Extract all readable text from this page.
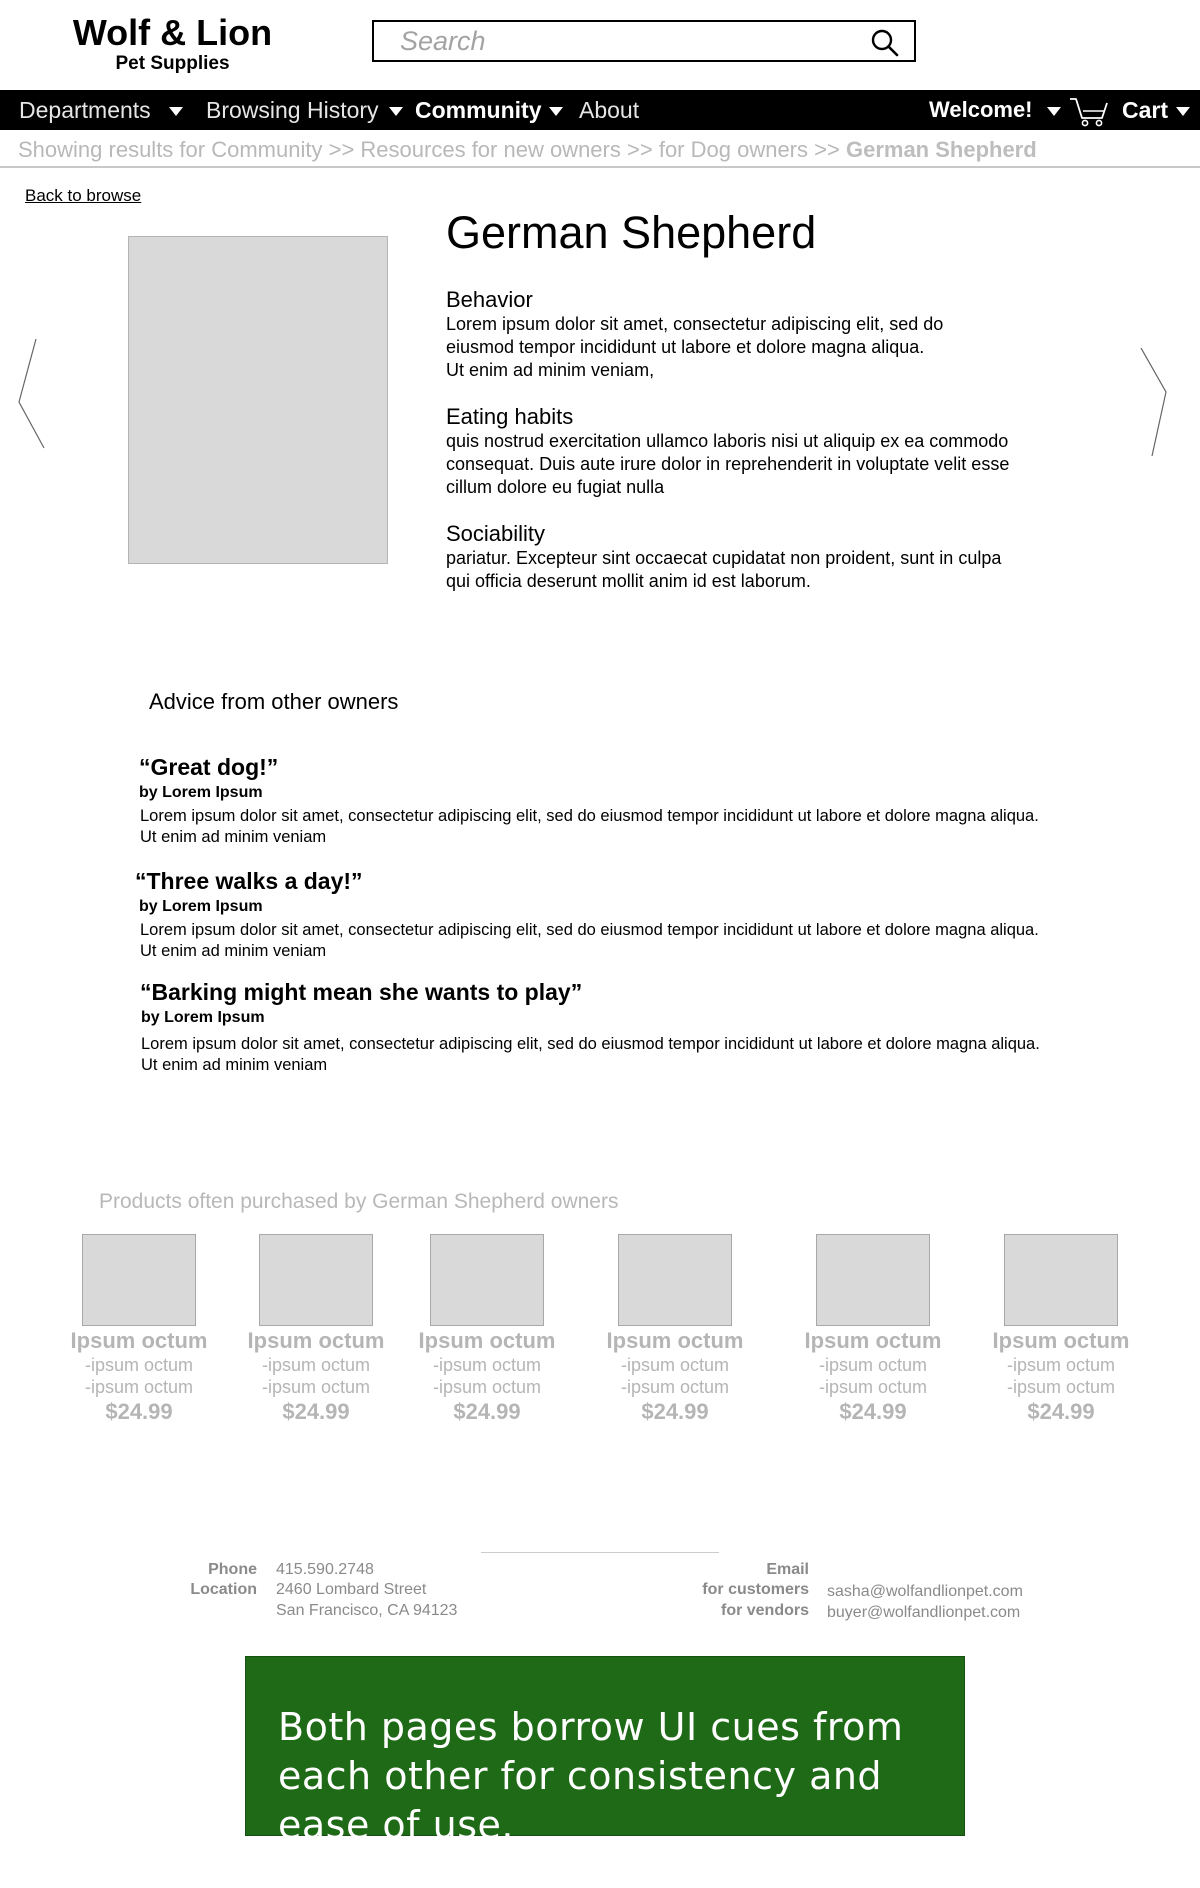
Wolf & Lion
Pet Supplies
Search
Departments	Browsing History	Community	About	Welcome!	Cart
Showing results for Community >> Resources for new owners >> for Dog owners >> German Shepherd
Back to browse
German Shepherd
Behavior
Lorem ipsum dolor sit amet, consectetur adipiscing elit, sed do
eiusmod tempor incididunt ut labore et dolore magna aliqua.
Ut enim ad minim veniam,
Eating habits
quis nostrud exercitation ullamco laboris nisi ut aliquip ex ea commodo
consequat. Duis aute irure dolor in reprehenderit in voluptate velit esse
cillum dolore eu fugiat nulla
Sociability
pariatur. Excepteur sint occaecat cupidatat non proident, sunt in culpa
qui officia deserunt mollit anim id est laborum.
Advice from other owners
“Great dog!”
by Lorem Ipsum
Lorem ipsum dolor sit amet, consectetur adipiscing elit, sed do eiusmod tempor incididunt ut labore et dolore magna aliqua.
Ut enim ad minim veniam
“Three walks a day!”
by Lorem Ipsum
Lorem ipsum dolor sit amet, consectetur adipiscing elit, sed do eiusmod tempor incididunt ut labore et dolore magna aliqua.
Ut enim ad minim veniam
“Barking might mean she wants to play”
by Lorem Ipsum
Lorem ipsum dolor sit amet, consectetur adipiscing elit, sed do eiusmod tempor incididunt ut labore et dolore magna aliqua.
Ut enim ad minim veniam
Products often purchased by German Shepherd owners
Ipsum octum
-ipsum octum
-ipsum octum
$24.99
Ipsum octum
-ipsum octum
-ipsum octum
$24.99
Ipsum octum
-ipsum octum
-ipsum octum
$24.99
Ipsum octum
-ipsum octum
-ipsum octum
$24.99
Ipsum octum
-ipsum octum
-ipsum octum
$24.99
Ipsum octum
-ipsum octum
-ipsum octum
$24.99
Phone 415.590.2748
Location 2460 Lombard Street
San Francisco, CA 94123
Email
for customers sasha@wolfandlionpet.com
for vendors buyer@wolfandlionpet.com
Both pages borrow UI cues from each other for consistency and ease of use.
